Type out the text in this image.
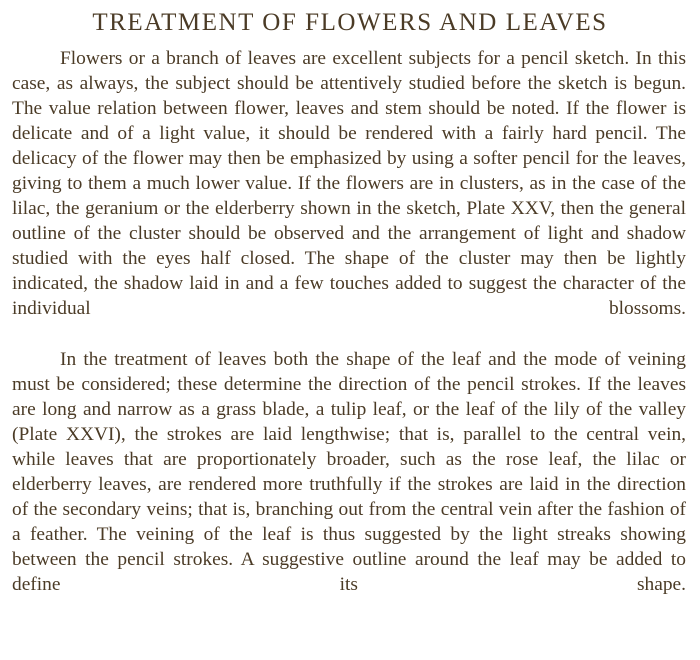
TREATMENT OF FLOWERS AND LEAVES

Flowers or a branch of leaves are excellent subjects for a pencil sketch. In this case, as always, the subject should be attentively studied before the sketch is begun. The value relation between flower, leaves and stem should be noted. If the flower is delicate and of a light value, it should be rendered with a fairly hard pencil. The delicacy of the flower may then be emphasized by using a softer pencil for the leaves, giving to them a much lower value. If the flowers are in clusters, as in the case of the lilac, the geranium or the elderberry shown in the sketch, Plate XXV, then the general outline of the cluster should be observed and the arrangement of light and shadow studied with the eyes half closed. The shape of the cluster may then be lightly indicated, the shadow laid in and a few touches added to suggest the character of the individual blossoms.

In the treatment of leaves both the shape of the leaf and the mode of veining must be considered; these determine the direction of the pencil strokes. If the leaves are long and narrow as a grass blade, a tulip leaf, or the leaf of the lily of the valley (Plate XXVI), the strokes are laid lengthwise; that is, parallel to the central vein, while leaves that are proportionately broader, such as the rose leaf, the lilac or elderberry leaves, are rendered more truthfully if the strokes are laid in the direction of the secondary veins; that is, branching out from the central vein after the fashion of a feather. The veining of the leaf is thus suggested by the light streaks showing between the pencil strokes. A suggestive outline around the leaf may be added to define its shape.
